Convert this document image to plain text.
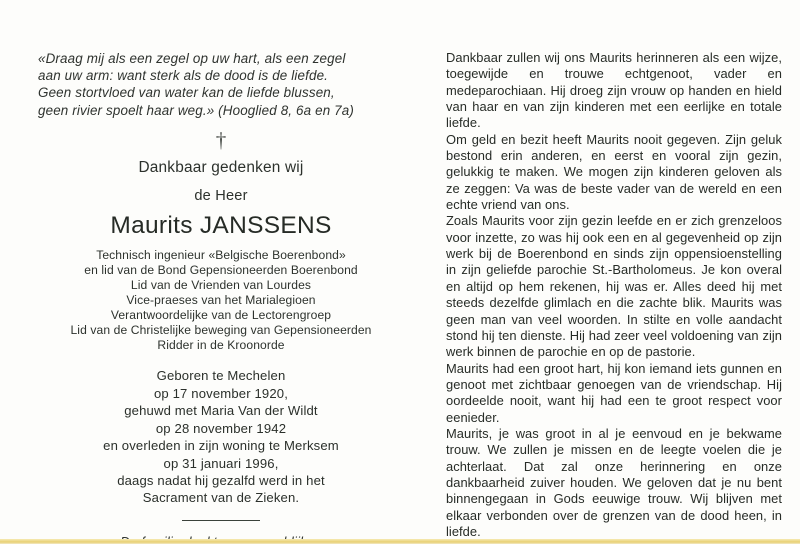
«Draag mij als een zegel op uw hart, als een zegel
aan uw arm: want sterk als de dood is de liefde.
Geen stortvloed van water kan de liefde blussen,
geen rivier spoelt haar weg.» (Hooglied 8, 6a en 7a)
†
Dankbaar gedenken wij
de Heer
Maurits JANSSENS
Technisch ingenieur «Belgische Boerenbond»
en lid van de Bond Gepensioneerden Boerenbond
Lid van de Vrienden van Lourdes
Vice-praeses van het Marialegioen
Verantwoordelijke van de Lectorengroep
Lid van de Christelijke beweging van Gepensioneerden
Ridder in de Kroonorde
Geboren te Mechelen
op 17 november 1920,
gehuwd met Maria Van der Wildt
op 28 november 1942
en overleden in zijn woning te Merksem
op 31 januari 1996,
daags nadat hij gezalfd werd in het
Sacrament van de Zieken.

Dankbaar zullen wij ons Maurits herinneren als een wijze, toegewijde en trouwe echtgenoot, vader en medeparochiaan. Hij droeg zijn vrouw op handen en hield van haar en van zijn kinderen met een eerlijke en totale liefde.

Om geld en bezit heeft Maurits nooit gegeven. Zijn geluk bestond erin anderen, en eerst en vooral zijn gezin, gelukkig te maken. We mogen zijn kinderen geloven als ze zeggen: Va was de beste vader van de wereld en een echte vriend van ons.

Zoals Maurits voor zijn gezin leefde en er zich grenzeloos voor inzette, zo was hij ook een en al gegevenheid op zijn werk bij de Boerenbond en sinds zijn oppensioenstelling in zijn geliefde parochie St.-Bartholomeus. Je kon overal en altijd op hem rekenen, hij was er. Alles deed hij met steeds dezelfde glimlach en die zachte blik. Maurits was geen man van veel woorden. In stilte en volle aandacht stond hij ten dienste. Hij had zeer veel voldoening van zijn werk binnen de parochie en op de pastorie.

Maurits had een groot hart, hij kon iemand iets gunnen en genoot met zichtbaar genoegen van de vriendschap. Hij oordeelde nooit, want hij had een te groot respect voor eenieder.

Maurits, je was groot in al je eenvoud en je bekwame trouw. We zullen je missen en de leegte voelen die je achterlaat. Dat zal onze herinnering en onze dankbaarheid zuiver houden. We geloven dat je nu bent binnengegaan in Gods eeuwige trouw. Wij blijven met elkaar verbonden over de grenzen van de dood heen, in liefde.
